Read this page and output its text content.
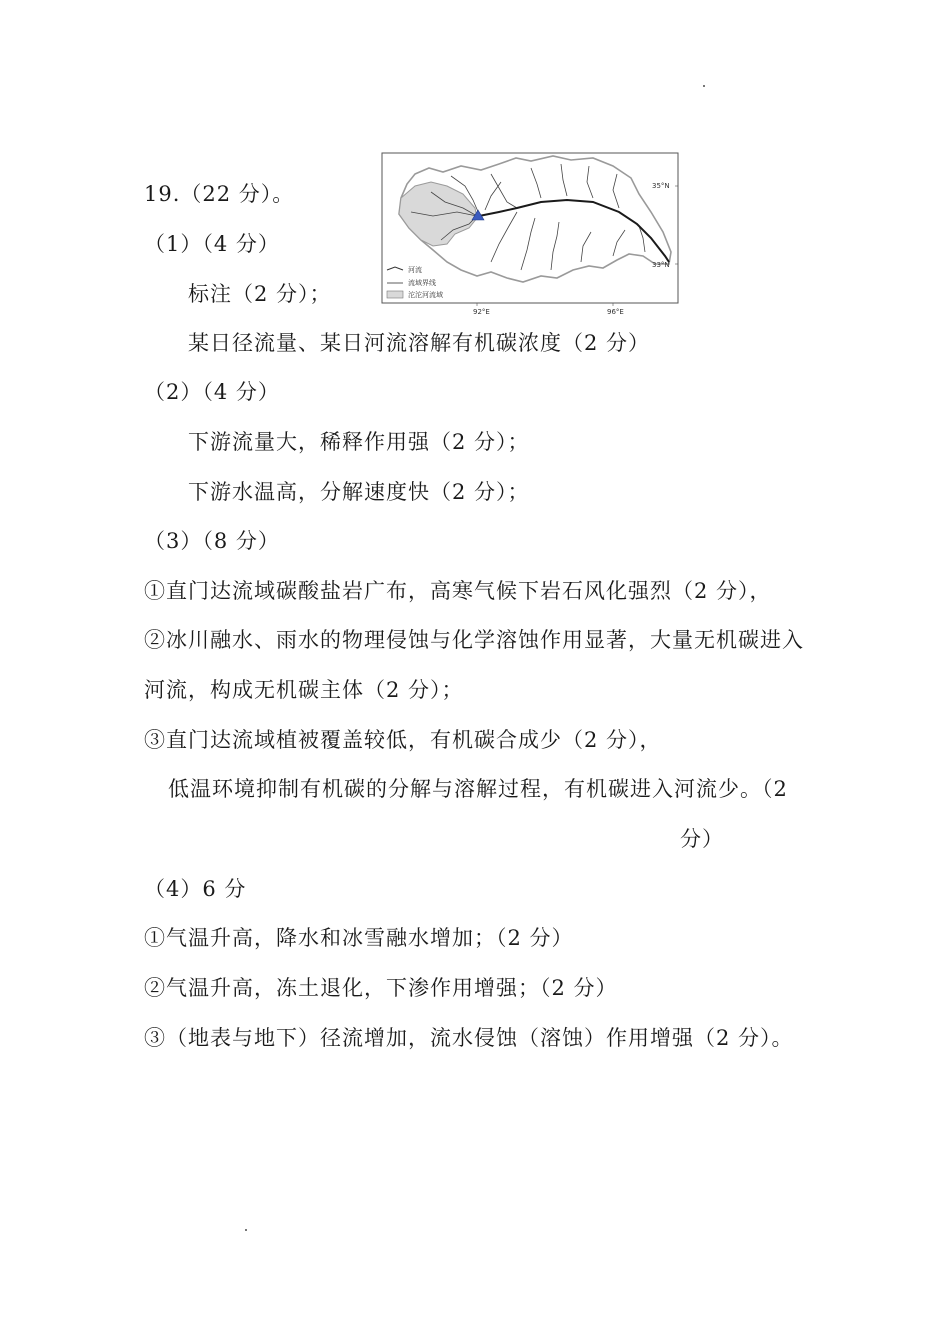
19.（22 分）。
河流
流域界线
沱沱河流域
35°N
33°N
92°E	96°E
（1）（4 分）
标注（2 分）；
某日径流量、某日河流溶解有机碳浓度（2 分）
（2）（4 分）
下游流量大，稀释作用强（2 分）；
下游水温高，分解速度快（2 分）；
（3）（8 分）
①直门达流域碳酸盐岩广布，高寒气候下岩石风化强烈（2 分），
②冰川融水、雨水的物理侵蚀与化学溶蚀作用显著，大量无机碳进入
河流，构成无机碳主体（2 分）；
③直门达流域植被覆盖较低，有机碳合成少（2 分），
低温环境抑制有机碳的分解与溶解过程，有机碳进入河流少。（2
分）
（4）6 分
①气温升高，降水和冰雪融水增加；（2 分）
②气温升高，冻土退化，下渗作用增强；（2 分）
③（地表与地下）径流增加，流水侵蚀（溶蚀）作用增强（2 分）。
